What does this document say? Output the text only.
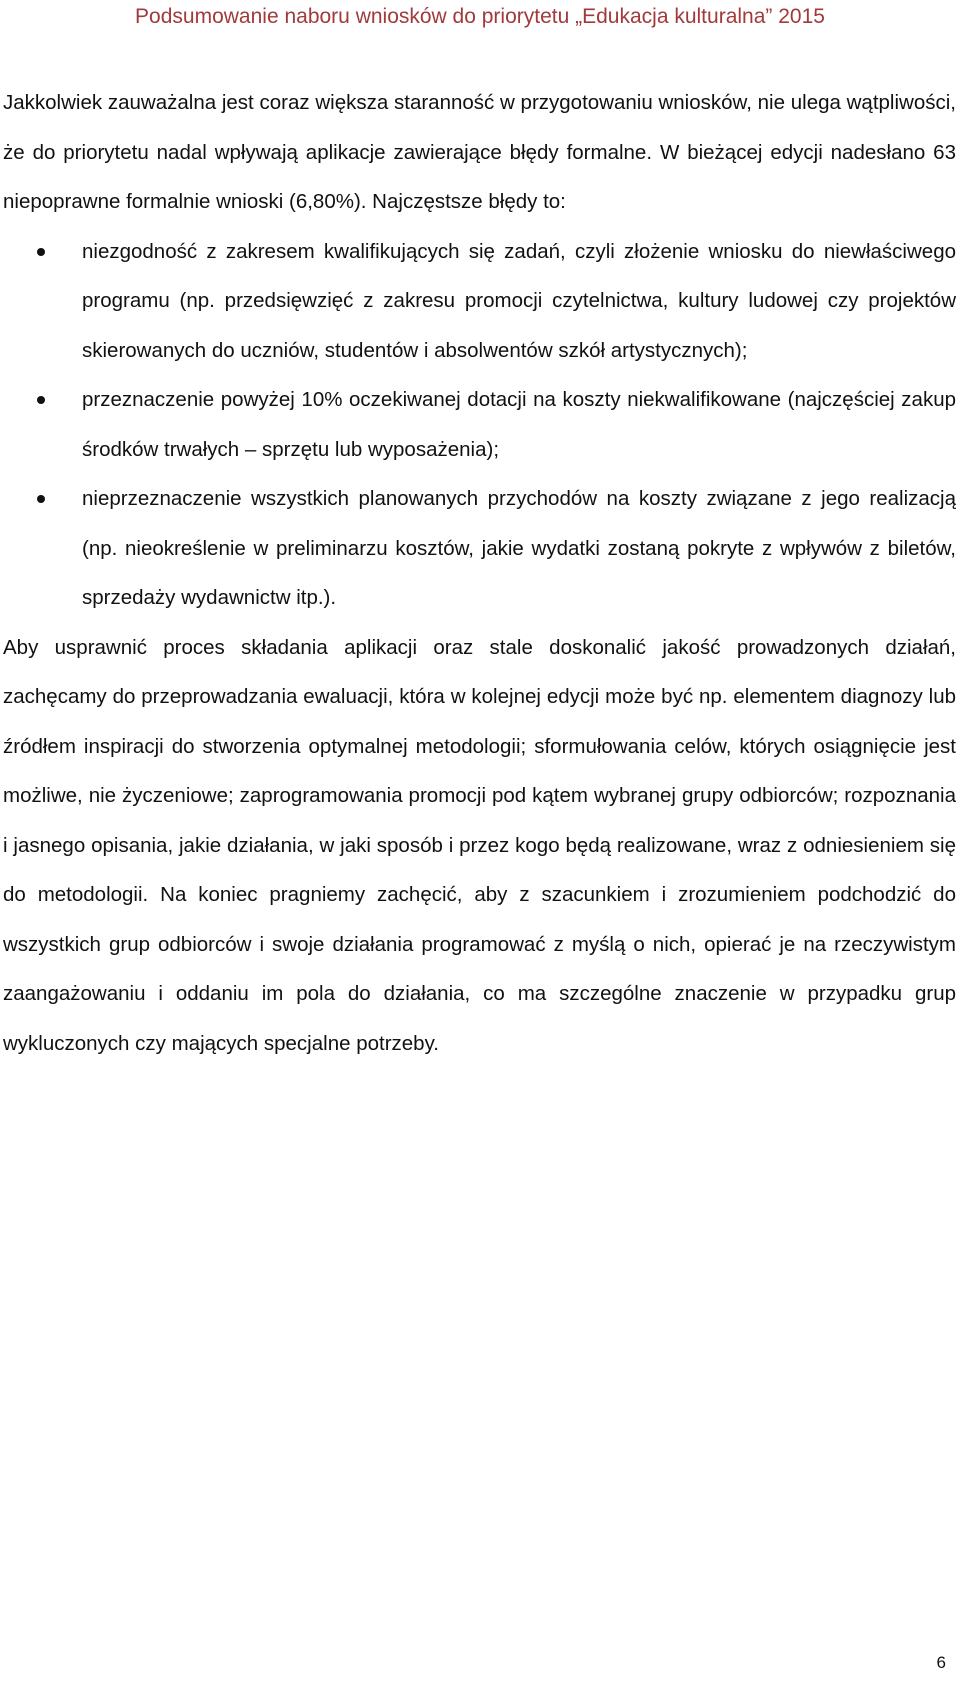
Podsumowanie naboru wniosków do priorytetu „Edukacja kulturalna” 2015

Jakkolwiek zauważalna jest coraz większa staranność w przygotowaniu wniosków, nie ulega wątpliwości, że do priorytetu nadal wpływają aplikacje zawierające błędy formalne. W bieżącej edycji nadesłano 63 niepoprawne formalnie wnioski (6,80%). Najczęstsze błędy to:

niezgodność z zakresem kwalifikujących się zadań, czyli złożenie wniosku do niewłaściwego programu (np. przedsięwzięć z zakresu promocji czytelnictwa, kultury ludowej czy projektów skierowanych do uczniów, studentów i absolwentów szkół artystycznych);
przeznaczenie powyżej 10% oczekiwanej dotacji na koszty niekwalifikowane (najczęściej zakup środków trwałych – sprzętu lub wyposażenia);
nieprzeznaczenie wszystkich planowanych przychodów na koszty związane z jego realizacją (np. nieokreślenie w preliminarzu kosztów, jakie wydatki zostaną pokryte z wpływów z biletów, sprzedaży wydawnictw itp.).

Aby usprawnić proces składania aplikacji oraz stale doskonalić jakość prowadzonych działań, zachęcamy do przeprowadzania ewaluacji, która w kolejnej edycji może być np. elementem diagnozy lub źródłem inspiracji do stworzenia optymalnej metodologii; sformułowania celów, których osiągnięcie jest możliwe, nie życzeniowe; zaprogramowania promocji pod kątem wybranej grupy odbiorców; rozpoznania i jasnego opisania, jakie działania, w jaki sposób i przez kogo będą realizowane, wraz z odniesieniem się do metodologii. Na koniec pragniemy zachęcić, aby z szacunkiem i zrozumieniem podchodzić do wszystkich grup odbiorców i swoje działania programować z myślą o nich, opierać je na rzeczywistym zaangażowaniu i oddaniu im pola do działania, co ma szczególne znaczenie w przypadku grup wykluczonych czy mających specjalne potrzeby.

6
